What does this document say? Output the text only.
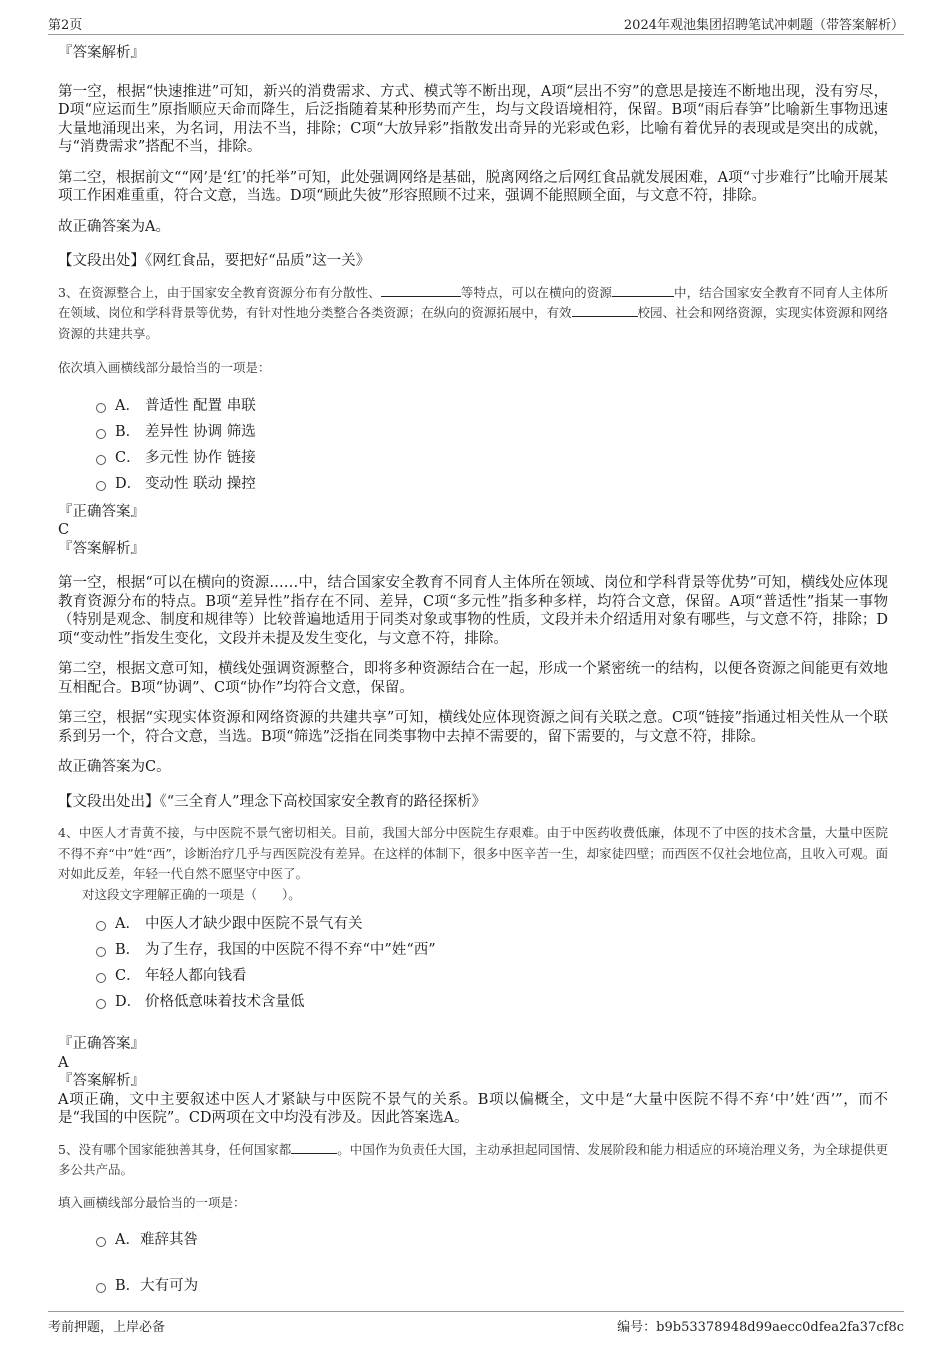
第2页	2024年观池集团招聘笔试冲刺题（带答案解析）

『答案解析』

第一空，根据“快速推进”可知，新兴的消费需求、方式、模式等不断出现，A项“层出不穷”的意思是接连不断地出现，没有穷尽，D项“应运而生”原指顺应天命而降生，后泛指随着某种形势而产生，均与文段语境相符，保留。B项“雨后春笋”比喻新生事物迅速大量地涌现出来，为名词，用法不当，排除；C项“大放异彩”指散发出奇异的光彩或色彩，比喻有着优异的表现或是突出的成就，与“消费需求”搭配不当，排除。

第二空，根据前文““网’是‘红’的托举”可知，此处强调网络是基础，脱离网络之后网红食品就发展困难，A项“寸步难行”比喻开展某项工作困难重重，符合文意，当选。D项“顾此失彼”形容照顾不过来，强调不能照顾全面，与文意不符，排除。

故正确答案为A。

【文段出处】《网红食品，要把好“品质”这一关》

3、在资源整合上，由于国家安全教育资源分布有分散性、	等特点，可以在横向的资源	中，结合国家安全教育不同育人主体所在领域、岗位和学科背景等优势，有针对性地分类整合各类资源；在纵向的资源拓展中，有效	校园、社会和网络资源，实现实体资源和网络资源的共建共享。

依次填入画横线部分最恰当的一项是：

A． 普适性 配置 串联
B． 差异性 协调 筛选
C． 多元性 协作 链接
D． 变动性 联动 操控

『正确答案』

C

『答案解析』

第一空，根据“可以在横向的资源……中，结合国家安全教育不同育人主体所在领域、岗位和学科背景等优势”可知，横线处应体现教育资源分布的特点。B项“差异性”指存在不同、差异，C项“多元性”指多种多样，均符合文意，保留。A项“普适性”指某一事物（特别是观念、制度和规律等）比较普遍地适用于同类对象或事物的性质，文段并未介绍适用对象有哪些，与文意不符，排除；D项“变动性”指发生变化，文段并未提及发生变化，与文意不符，排除。

第二空，根据文意可知，横线处强调资源整合，即将多种资源结合在一起，形成一个紧密统一的结构，以便各资源之间能更有效地互相配合。B项“协调”、C项“协作”均符合文意，保留。

第三空，根据“实现实体资源和网络资源的共建共享”可知，横线处应体现资源之间有关联之意。C项“链接”指通过相关性从一个联系到另一个，符合文意，当选。B项“筛选”泛指在同类事物中去掉不需要的，留下需要的，与文意不符，排除。

故正确答案为C。

【文段出处出】《“三全育人”理念下高校国家安全教育的路径探析》

4、中医人才青黄不接，与中医院不景气密切相关。目前，我国大部分中医院生存艰难。由于中医药收费低廉，体现不了中医的技术含量，大量中医院不得不弃“中”姓“西”，诊断治疗几乎与西医院没有差异。在这样的体制下，很多中医辛苦一生，却家徒四壁；而西医不仅社会地位高，且收入可观。面对如此反差，年轻一代自然不愿坚守中医了。

对这段文字理解正确的一项是（　　）。

A． 中医人才缺少跟中医院不景气有关
B． 为了生存，我国的中医院不得不弃“中”姓“西”
C． 年轻人都向钱看
D． 价格低意味着技术含量低

『正确答案』

A

『答案解析』

A项正确，文中主要叙述中医人才紧缺与中医院不景气的关系。B项以偏概全，文中是“大量中医院不得不弃‘中’姓‘西’”，而不是“我国的中医院”。CD两项在文中均没有涉及。因此答案选A。

5、没有哪个国家能独善其身，任何国家都	。中国作为负责任大国，主动承担起同国情、发展阶段和能力相适应的环境治理义务，为全球提供更多公共产品。

填入画横线部分最恰当的一项是：

A．难辞其咎
B．大有可为
考前押题，上岸必备	编号：b9b53378948d99aecc0dfea2fa37cf8c
